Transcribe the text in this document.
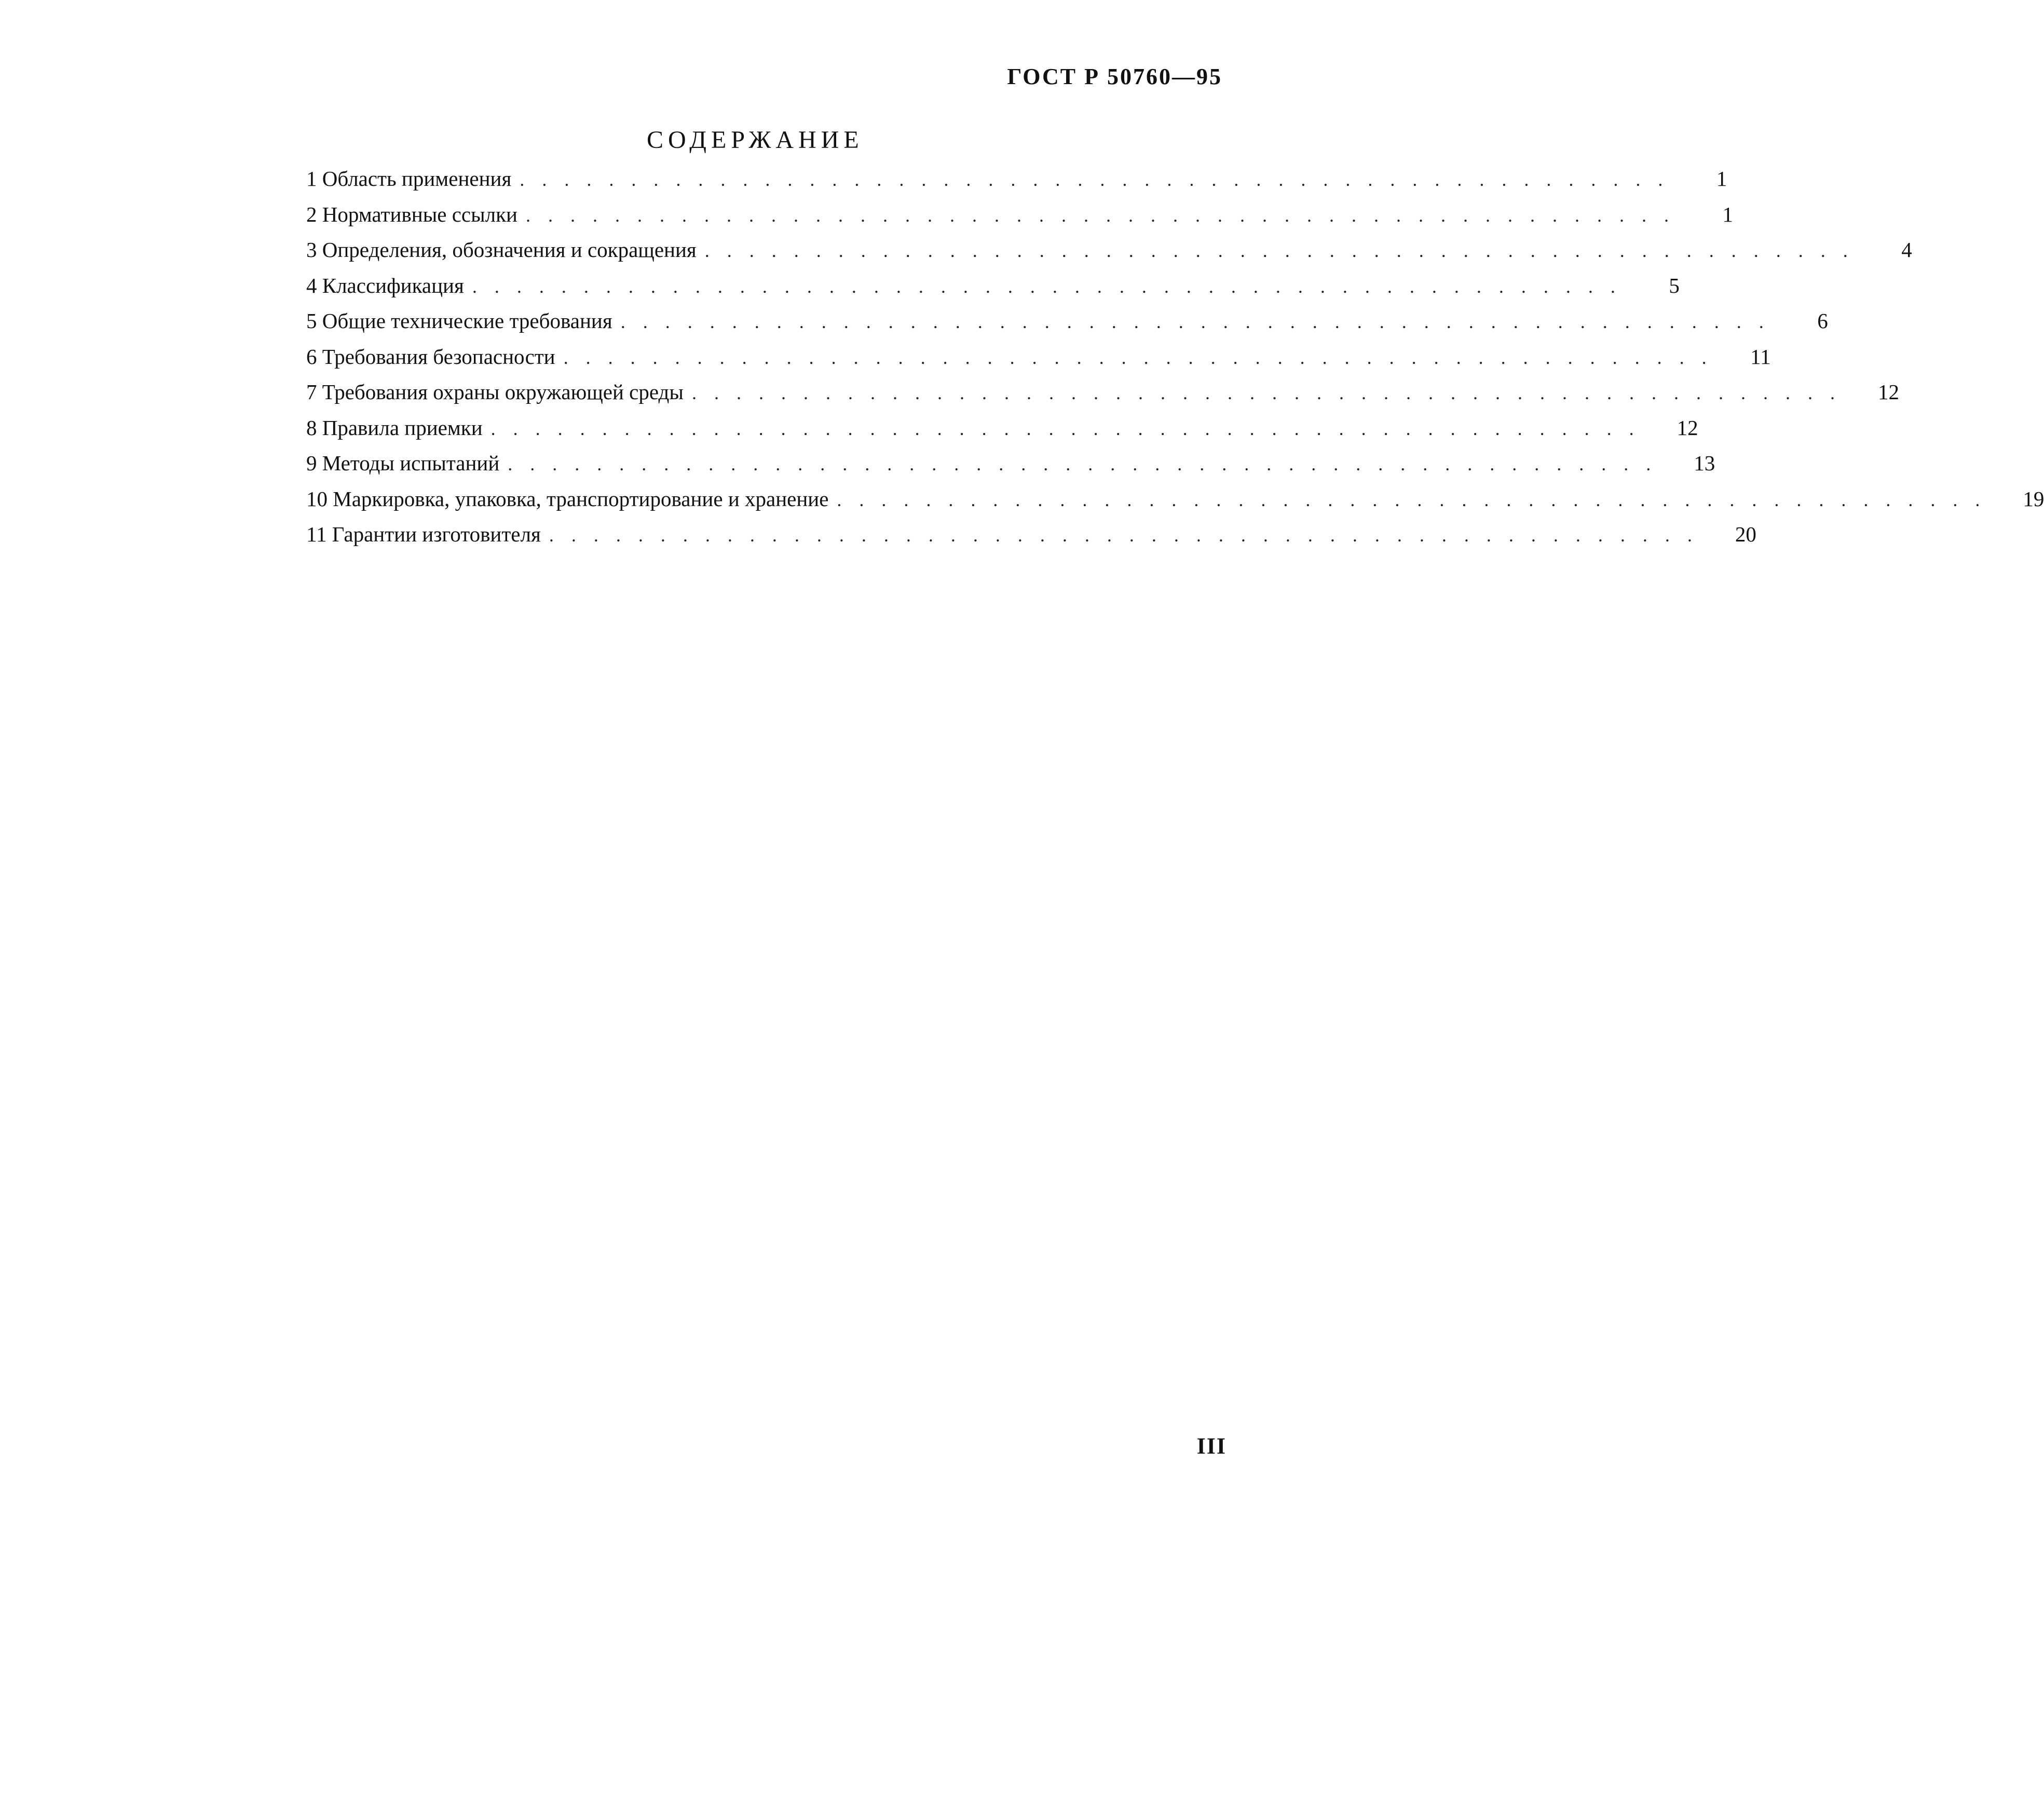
ГОСТ Р 50760—95
СОДЕРЖАНИЕ
1 Область применения ....................................................	1
2 Нормативные ссылки ....................................................	1
3 Определения, обозначения и сокращения ....................................................	4
4 Классификация ....................................................	5
5 Общие технические требования ....................................................	6
6 Требования безопасности ....................................................	11
7 Требования охраны окружающей среды ....................................................	12
8 Правила приемки ....................................................	12
9 Методы испытаний ....................................................	13
10 Маркировка, упаковка, транспортирование и хранение ....................................................	19
11 Гарантии изготовителя ....................................................	20
III
